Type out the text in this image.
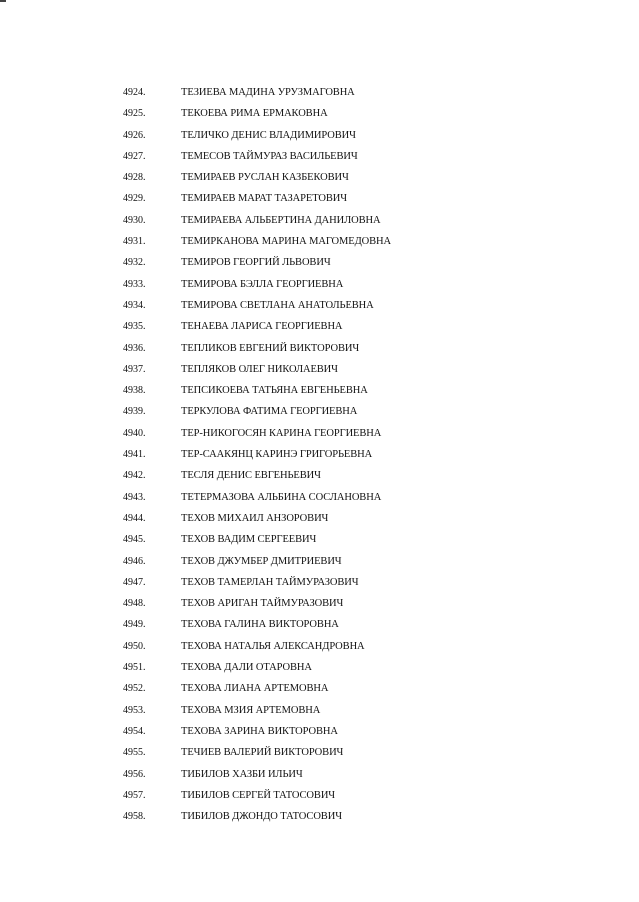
4924.	ТЕЗИЕВА МАДИНА УРУЗМАГОВНА
4925.	ТЕКОЕВА РИМА ЕРМАКОВНА
4926.	ТЕЛИЧКО ДЕНИС ВЛАДИМИРОВИЧ
4927.	ТЕМЕСОВ ТАЙМУРАЗ ВАСИЛЬЕВИЧ
4928.	ТЕМИРАЕВ РУСЛАН КАЗБЕКОВИЧ
4929.	ТЕМИРАЕВ МАРАТ ТАЗАРЕТОВИЧ
4930.	ТЕМИРАЕВА АЛЬБЕРТИНА ДАНИЛОВНА
4931.	ТЕМИРКАНОВА МАРИНА МАГОМЕДОВНА
4932.	ТЕМИРОВ ГЕОРГИЙ ЛЬВОВИЧ
4933.	ТЕМИРОВА БЭЛЛА ГЕОРГИЕВНА
4934.	ТЕМИРОВА СВЕТЛАНА АНАТОЛЬЕВНА
4935.	ТЕНАЕВА ЛАРИСА ГЕОРГИЕВНА
4936.	ТЕПЛИКОВ ЕВГЕНИЙ ВИКТОРОВИЧ
4937.	ТЕПЛЯКОВ ОЛЕГ НИКОЛАЕВИЧ
4938.	ТЕПСИКОЕВА ТАТЬЯНА ЕВГЕНЬЕВНА
4939.	ТЕРКУЛОВА ФАТИМА ГЕОРГИЕВНА
4940.	ТЕР-НИКОГОСЯН КАРИНА ГЕОРГИЕВНА
4941.	ТЕР-СААКЯНЦ КАРИНЭ ГРИГОРЬЕВНА
4942.	ТЕСЛЯ ДЕНИС ЕВГЕНЬЕВИЧ
4943.	ТЕТЕРМАЗОВА АЛЬБИНА СОСЛАНОВНА
4944.	ТЕХОВ МИХАИЛ АНЗОРОВИЧ
4945.	ТЕХОВ ВАДИМ СЕРГЕЕВИЧ
4946.	ТЕХОВ ДЖУМБЕР ДМИТРИЕВИЧ
4947.	ТЕХОВ ТАМЕРЛАН ТАЙМУРАЗОВИЧ
4948.	ТЕХОВ АРИГАН ТАЙМУРАЗОВИЧ
4949.	ТЕХОВА ГАЛИНА ВИКТОРОВНА
4950.	ТЕХОВА НАТАЛЬЯ АЛЕКСАНДРОВНА
4951.	ТЕХОВА ДАЛИ ОТАРОВНА
4952.	ТЕХОВА ЛИАНА АРТЕМОВНА
4953.	ТЕХОВА МЗИЯ АРТЕМОВНА
4954.	ТЕХОВА ЗАРИНА ВИКТОРОВНА
4955.	ТЕЧИЕВ ВАЛЕРИЙ ВИКТОРОВИЧ
4956.	ТИБИЛОВ ХАЗБИ ИЛЬИЧ
4957.	ТИБИЛОВ СЕРГЕЙ ТАТОСОВИЧ
4958.	ТИБИЛОВ ДЖОНДО ТАТОСОВИЧ
